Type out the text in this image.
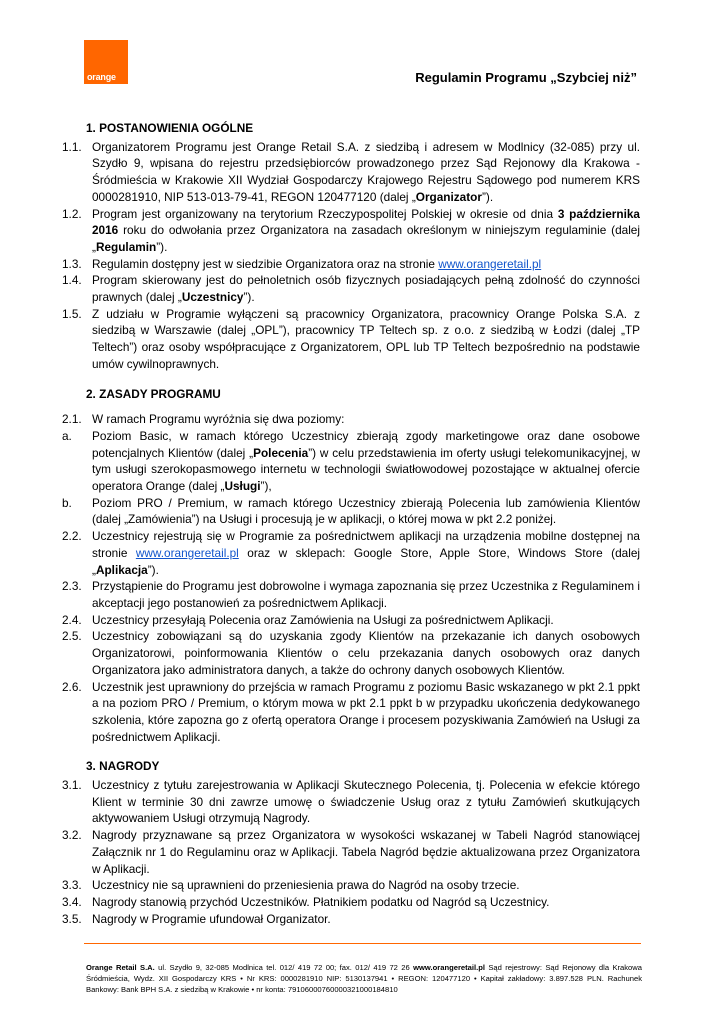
orange	Regulamin Programu „Szybciej niż”
1. POSTANOWIENIA OGÓLNE
1.1. Organizatorem Programu jest Orange Retail S.A. z siedzibą i adresem w Modlnicy (32-085) przy ul. Szydło 9, wpisana do rejestru przedsiębiorców prowadzonego przez Sąd Rejonowy dla Krakowa - Śródmieścia w Krakowie XII Wydział Gospodarczy Krajowego Rejestru Sądowego pod numerem KRS 0000281910, NIP 513-013-79-41, REGON 120477120 (dalej „Organizator”).
1.2. Program jest organizowany na terytorium Rzeczypospolitej Polskiej w okresie od dnia 3 października 2016 roku do odwołania przez Organizatora na zasadach określonym w niniejszym regulaminie (dalej „Regulamin”).
1.3. Regulamin dostępny jest w siedzibie Organizatora oraz na stronie www.orangeretail.pl
1.4. Program skierowany jest do pełnoletnich osób fizycznych posiadających pełną zdolność do czynności prawnych (dalej „Uczestnicy”).
1.5. Z udziału w Programie wyłączeni są pracownicy Organizatora, pracownicy Orange Polska S.A. z siedzibą w Warszawie (dalej „OPL”), pracownicy TP Teltech sp. z o.o. z siedzibą w Łodzi (dalej „TP Teltech”) oraz osoby współpracujące z Organizatorem, OPL lub TP Teltech bezpośrednio na podstawie umów cywilnoprawnych.
2. ZASADY PROGRAMU
2.1. W ramach Programu wyróżnia się dwa poziomy:
a.	Poziom Basic, w ramach którego Uczestnicy zbierają zgody marketingowe oraz dane osobowe potencjalnych Klientów (dalej „Polecenia”) w celu przedstawienia im oferty usługi telekomunikacyjnej, w tym usługi szerokopasmowego internetu w technologii światłowodowej pozostające w aktualnej ofercie operatora Orange (dalej „Usługi”),
b.	Poziom PRO / Premium, w ramach którego Uczestnicy zbierają Polecenia lub zamówienia Klientów (dalej „Zamówienia”) na Usługi i procesują je w aplikacji, o której mowa w pkt 2.2 poniżej.
2.2. Uczestnicy rejestrują się w Programie za pośrednictwem aplikacji na urządzenia mobilne dostępnej na stronie www.orangeretail.pl oraz w sklepach: Google Store, Apple Store, Windows Store (dalej „Aplikacja”).
2.3. Przystąpienie do Programu jest dobrowolne i wymaga zapoznania się przez Uczestnika z Regulaminem i akceptacji jego postanowień za pośrednictwem Aplikacji.
2.4. Uczestnicy przesyłają Polecenia oraz Zamówienia na Usługi za pośrednictwem Aplikacji.
2.5. Uczestnicy zobowiązani są do uzyskania zgody Klientów na przekazanie ich danych osobowych Organizatorowi, poinformowania Klientów o celu przekazania danych osobowych oraz danych Organizatora jako administratora danych, a także do ochrony danych osobowych Klientów.
2.6. Uczestnik jest uprawniony do przejścia w ramach Programu z poziomu Basic wskazanego w pkt 2.1 ppkt a na poziom PRO / Premium, o którym mowa w pkt 2.1 ppkt b w przypadku ukończenia dedykowanego szkolenia, które zapozna go z ofertą operatora Orange i procesem pozyskiwania Zamówień na Usługi za pośrednictwem Aplikacji.
3. NAGRODY
3.1. Uczestnicy z tytułu zarejestrowania w Aplikacji Skutecznego Polecenia, tj. Polecenia w efekcie którego Klient w terminie 30 dni zawrze umowę o świadczenie Usług oraz z tytułu Zamówień skutkujących aktywowaniem Usługi otrzymują Nagrody.
3.2. Nagrody przyznawane są przez Organizatora w wysokości wskazanej w Tabeli Nagród stanowiącej Załącznik nr 1 do Regulaminu oraz w Aplikacji. Tabela Nagród będzie aktualizowana przez Organizatora w Aplikacji.
3.3. Uczestnicy nie są uprawnieni do przeniesienia prawa do Nagród na osoby trzecie.
3.4. Nagrody stanowią przychód Uczestników. Płatnikiem podatku od Nagród są Uczestnicy.
3.5. Nagrody w Programie ufundował Organizator.
Orange Retail S.A. ul. Szydło 9, 32-085 Modlnica tel. 012/ 419 72 00; fax. 012/ 419 72 26 www.orangeretail.pl Sąd rejestrowy: Sąd Rejonowy dla Krakowa Śródmieścia, Wydz. XII Gospodarczy KRS • Nr KRS: 0000281910 NIP: 5130137941 • REGON: 120477120 • Kapitał zakładowy: 3.897.528 PLN. Rachunek Bankowy: Bank BPH S.A. z siedzibą w Krakowie • nr konta: 79106000760000321000184810
